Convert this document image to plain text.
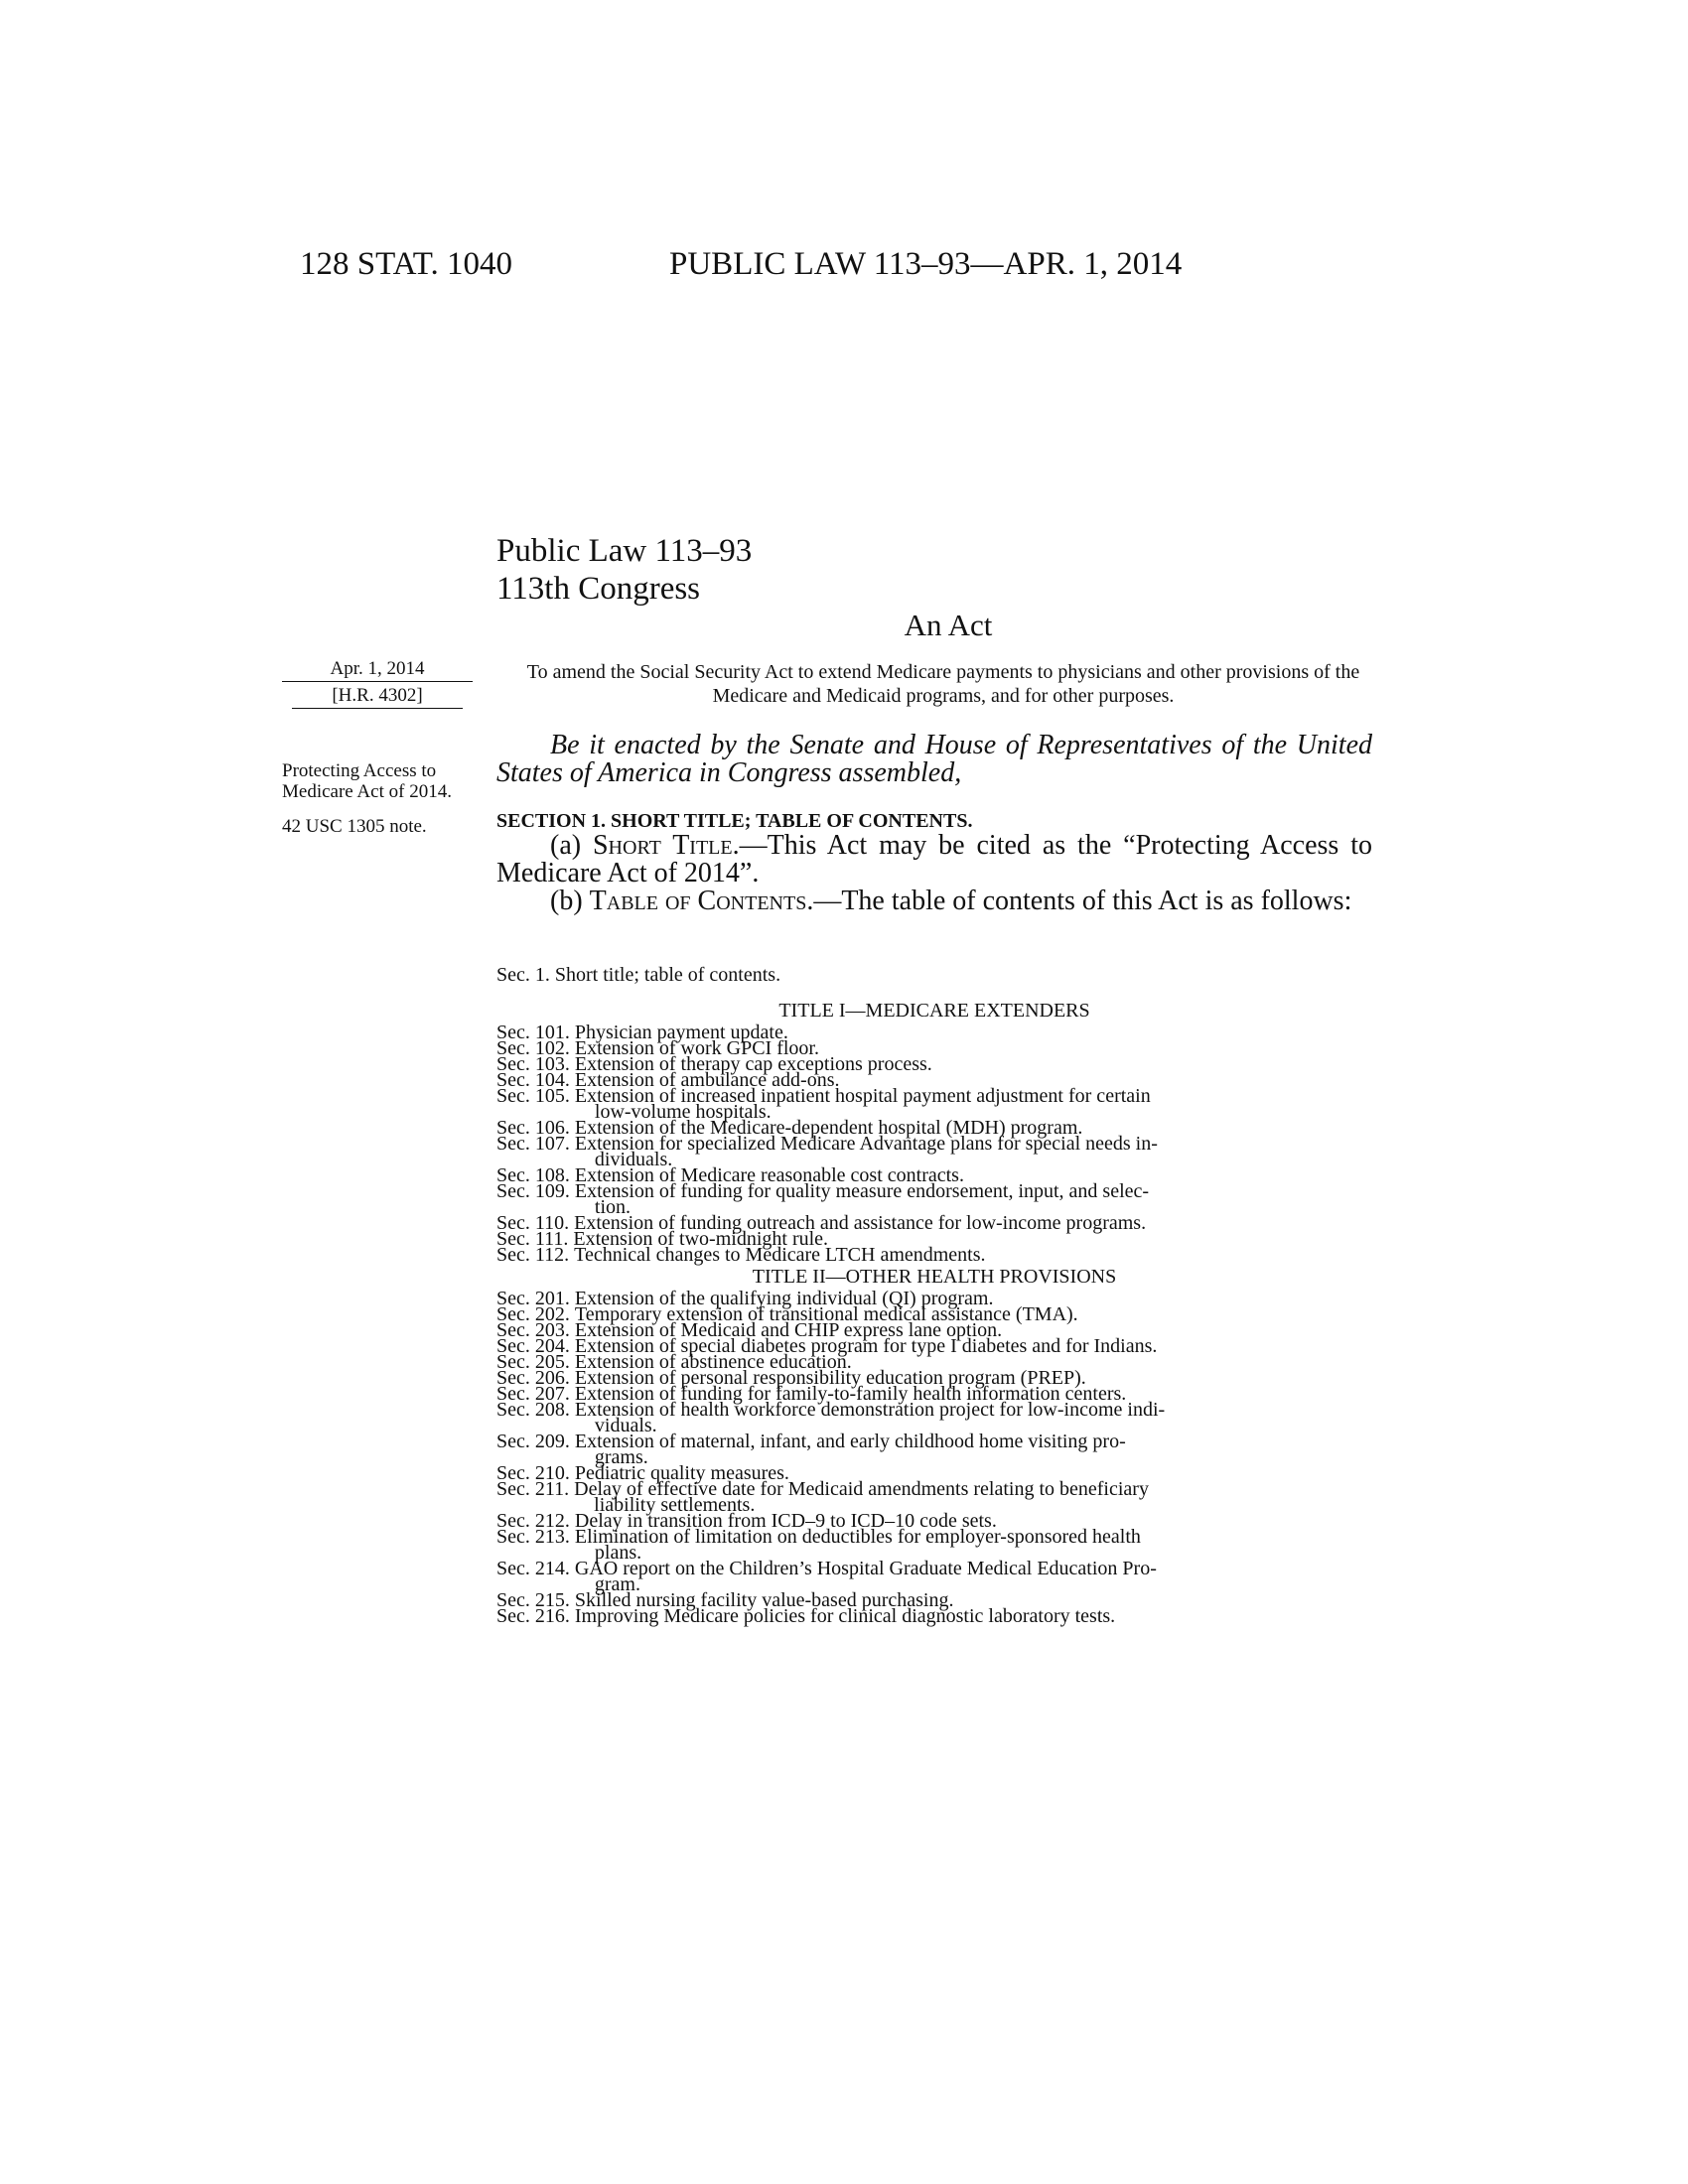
128 STAT. 1040	PUBLIC LAW 113–93—APR. 1, 2014
Public Law 113–93
113th Congress
An Act
Apr. 1, 2014
[H.R. 4302]
Protecting Access to Medicare Act of 2014.
42 USC 1305 note.
To amend the Social Security Act to extend Medicare payments to physicians and other provisions of the Medicare and Medicaid programs, and for other purposes.
Be it enacted by the Senate and House of Representatives of the United States of America in Congress assembled,
SECTION 1. SHORT TITLE; TABLE OF CONTENTS.
(a) Short Title.—This Act may be cited as the “Protecting Access to Medicare Act of 2014”.
(b) Table of Contents.—The table of contents of this Act is as follows:
Sec. 1. Short title; table of contents.
TITLE I—MEDICARE EXTENDERS
Sec. 101. Physician payment update.
Sec. 102. Extension of work GPCI floor.
Sec. 103. Extension of therapy cap exceptions process.
Sec. 104. Extension of ambulance add-ons.
Sec. 105. Extension of increased inpatient hospital payment adjustment for certain
low-volume hospitals.
Sec. 106. Extension of the Medicare-dependent hospital (MDH) program.
Sec. 107. Extension for specialized Medicare Advantage plans for special needs in-
dividuals.
Sec. 108. Extension of Medicare reasonable cost contracts.
Sec. 109. Extension of funding for quality measure endorsement, input, and selec-
tion.
Sec. 110. Extension of funding outreach and assistance for low-income programs.
Sec. 111. Extension of two-midnight rule.
Sec. 112. Technical changes to Medicare LTCH amendments.
TITLE II—OTHER HEALTH PROVISIONS
Sec. 201. Extension of the qualifying individual (QI) program.
Sec. 202. Temporary extension of transitional medical assistance (TMA).
Sec. 203. Extension of Medicaid and CHIP express lane option.
Sec. 204. Extension of special diabetes program for type I diabetes and for Indians.
Sec. 205. Extension of abstinence education.
Sec. 206. Extension of personal responsibility education program (PREP).
Sec. 207. Extension of funding for family-to-family health information centers.
Sec. 208. Extension of health workforce demonstration project for low-income indi-
viduals.
Sec. 209. Extension of maternal, infant, and early childhood home visiting pro-
grams.
Sec. 210. Pediatric quality measures.
Sec. 211. Delay of effective date for Medicaid amendments relating to beneficiary
liability settlements.
Sec. 212. Delay in transition from ICD–9 to ICD–10 code sets.
Sec. 213. Elimination of limitation on deductibles for employer-sponsored health
plans.
Sec. 214. GAO report on the Children’s Hospital Graduate Medical Education Pro-
gram.
Sec. 215. Skilled nursing facility value-based purchasing.
Sec. 216. Improving Medicare policies for clinical diagnostic laboratory tests.
